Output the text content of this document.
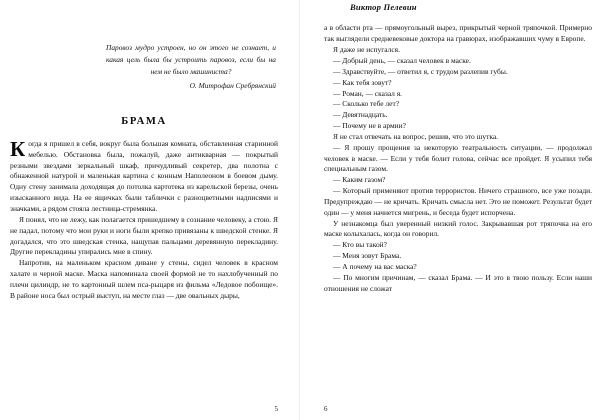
Паровоз мудро устроен, но он этого не сознает, и какая цель была бы устроить паровоз, если бы на нем не было машиниста?
О. Митрофан Сребрянский
БРАМА

Когда я пришел в себя, вокруг была большая комната, обставленная старинной мебелью. Обстановка была, пожалуй, даже антикварная — покрытый резными звездами зеркальный шкаф, причудливый секретер, два полотна с обнаженной натурой и маленькая картина с конным Наполеоном в боевом дыму. Одну стену занимала доходящая до потолка картотека из карельской березы, очень изысканного вида. На ее ящичках были таблички с разноцветными надписями и значками, а рядом стояла лестница-стремянка.

Я понял, что не лежу, как полагается пришедшему в сознание человеку, а стою. Я не падал, потому что мои руки и ноги были крепко привязаны к шведской стенке. Я догадался, что это шведская стенка, нащупав пальцами деревянную перекладину. Другие перекладины упирались мне в спину.

Напротив, на маленьком красном диване у стены, сидел человек в красном халате и черной маске. Маска напоминала своей формой не то нахлобученный по плечи цилиндр, не то картонный шлем пса-рыцаря из фильма «Ледовое побоище». В районе носа был острый выступ, на месте глаз — две овальных дыры,

5
Виктор Пелевин

а в области рта — прямоугольный вырез, прикрытый черной тряпочкой. Примерно так выглядели средневековые доктора на гравюрах, изображавших чуму в Европе.

Я даже не испугался.

— Добрый день, — сказал человек в маске.

— Здравствуйте, — ответил я, с трудом разлепив губы.

— Как тебя зовут?

— Роман, — сказал я.

— Сколько тебе лет?

— Девятнадцать.

— Почему не в армии?

Я не стал отвечать на вопрос, решив, что это шутка.

— Я прошу прощения за некоторую театральность ситуации, — продолжал человек в маске. — Если у тебя болит голова, сейчас все пройдет. Я усыпил тебя специальным газом.

— Каким газом?

— Который применяют против террористов. Ничего страшного, все уже позади. Предупреждаю — не кричать. Кричать смысла нет. Это не поможет. Результат будет один — у меня начнется мигрень, и беседа будет испорчена.

У незнакомца был уверенный низкий голос. Закрывавшая рот тряпочка на его маске колыхалась, когда он говорил.

— Кто вы такой?

— Меня зовут Брама.

— А почему на вас маска?

— По многим причинам, — сказал Брама. — И это в твою пользу. Если наши отношения не сложат

6
